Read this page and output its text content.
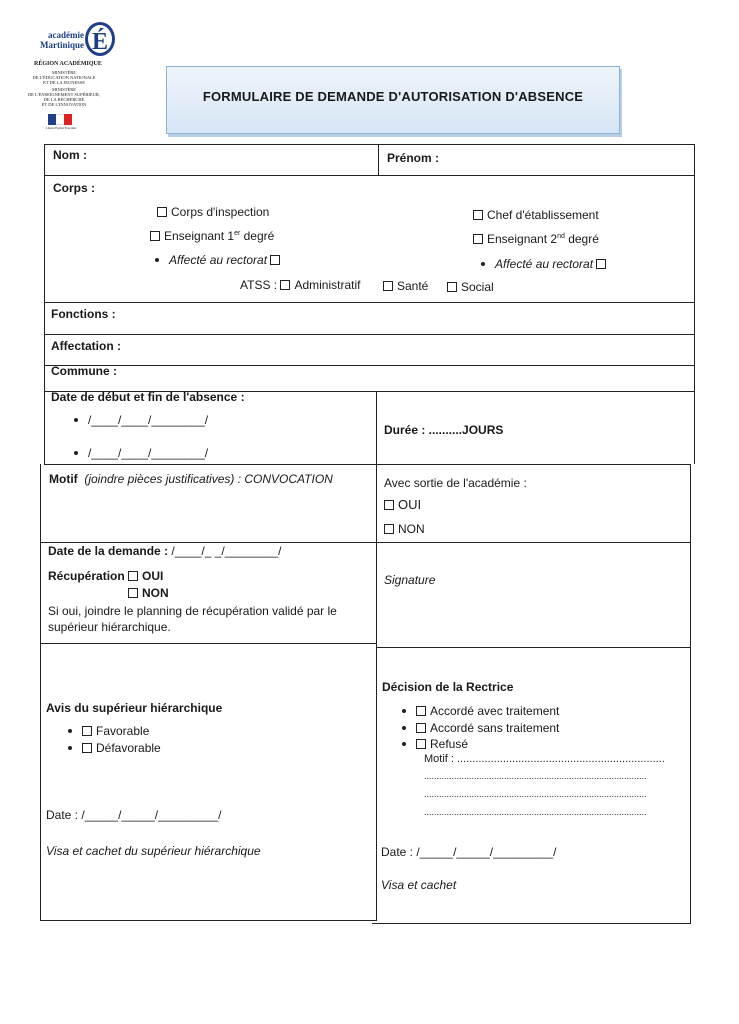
académie
Martinique É
RÉGION ACADÉMIQUE
MINISTÈRE
DE L'ÉDUCATION NATIONALE
ET DE LA JEUNESSE
MINISTÈRE
DE L'ENSEIGNEMENT SUPÉRIEUR,
DE LA RECHERCHE
ET DE L'INNOVATION
Liberté Égalité Fraternité
FORMULAIRE DE DEMANDE D'AUTORISATION D'ABSENCE
Nom :	Prénom :
Corps :
Corps d'inspection	Chef d'établissement
Enseignant 1er degré	Enseignant 2nd degré
Affecté au rectorat	Affecté au rectorat
ATSS : Administratif	Santé	Social
Fonctions :
Affectation :
Commune :
Date de début et fin de l'absence :
/____/____/________/
/____/____/________/
Durée : ..........JOURS
Motif (joindre pièces justificatives) : CONVOCATION	Avec sortie de l'académie :
OUI
NON
Date de la demande : /____/_ _/________/
Récupération OUI
NON
Si oui, joindre le planning de récupération validé par le
supérieur hiérarchique.
Signature
Avis du supérieur hiérarchique
Favorable
Défavorable
Date : /_____/_____/_________/
Visa et cachet du supérieur hiérarchique
Décision de la Rectrice
Accordé avec traitement
Accordé sans traitement
Refusé
Motif : ....................................................................
.........................................................................................
.........................................................................................
.........................................................................................
Date : /_____/_____/_________/
Visa et cachet
